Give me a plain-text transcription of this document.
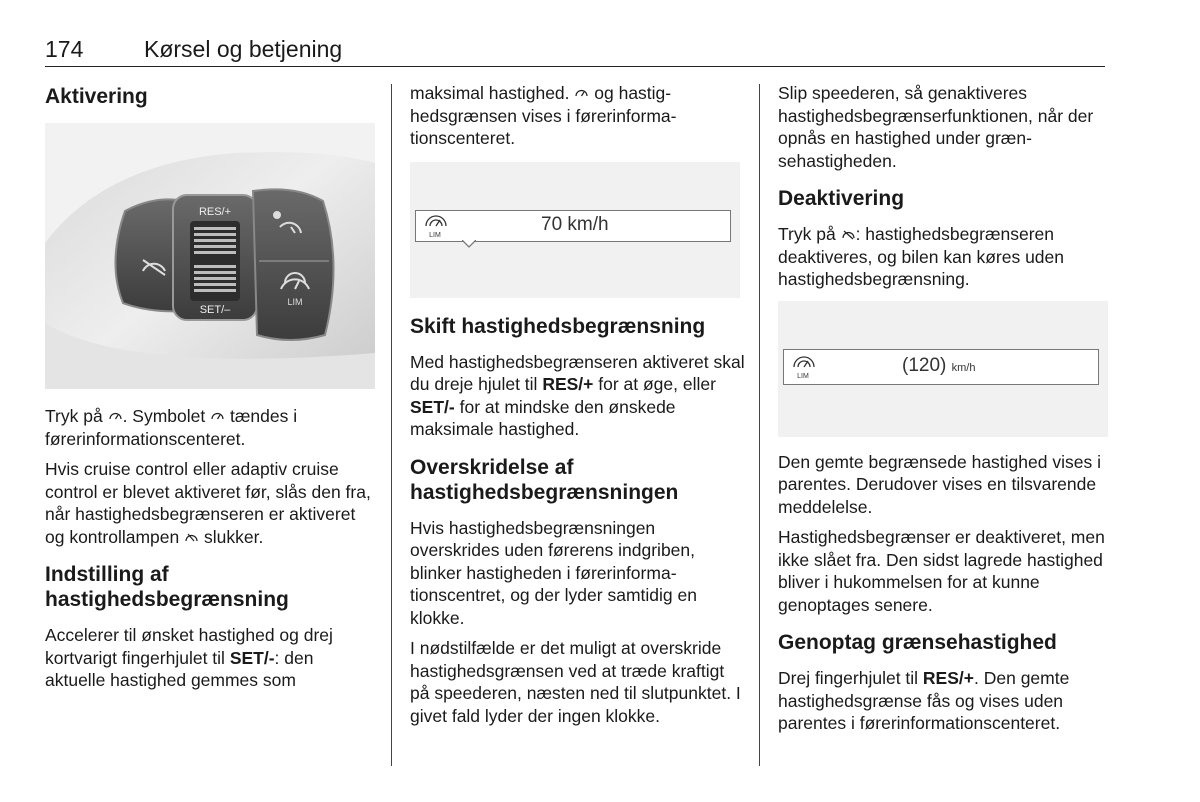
174	Kørsel og betjening
Aktivering
RES/+
SET/–
LIM

Tryk på . Symbolet  tændes i førerinformationscenteret.

Hvis cruise control eller adaptiv cruise control er blevet aktiveret før, slås den fra, når hastighedsbegrænseren er aktiveret og kontrollampen  slukker.

Indstilling af hastighedsbegrænsning

Accelerer til ønsket hastighed og drej kortvarigt fingerhjulet til SET/-: den aktuelle hastighed gemmes som

maksimal hastighed.  og hastighedsgrænsen vises i førerinformationscenteret.

LIM
70 km/h
Skift hastighedsbegrænsning

Med hastighedsbegrænseren aktiveret skal du dreje hjulet til RES/+ for at øge, eller SET/- for at mindske den ønskede maksimale hastighed.

Overskridelse af hastighedsbegrænsningen

Hvis hastighedsbegrænsningen overskrides uden førerens indgriben, blinker hastigheden i førerinformationscentret, og der lyder samtidig en klokke.

I nødstilfælde er det muligt at overskride hastighedsgrænsen ved at træde kraftigt på speederen, næsten ned til slutpunktet. I givet fald lyder der ingen klokke.

Slip speederen, så genaktiveres hastighedsbegrænserfunktionen, når der opnås en hastighed under grænsehastigheden.

Deaktivering

Tryk på : hastighedsbegrænseren deaktiveres, og bilen kan køres uden hastighedsbegrænsning.

LIM
(120) km/h

Den gemte begrænsede hastighed vises i parentes. Derudover vises en tilsvarende meddelelse.

Hastighedsbegrænser er deaktiveret, men ikke slået fra. Den sidst lagrede hastighed bliver i hukommelsen for at kunne genoptages senere.

Genoptag grænsehastighed

Drej fingerhjulet til RES/+. Den gemte hastighedsgrænse fås og vises uden parentes i førerinformationscenteret.
